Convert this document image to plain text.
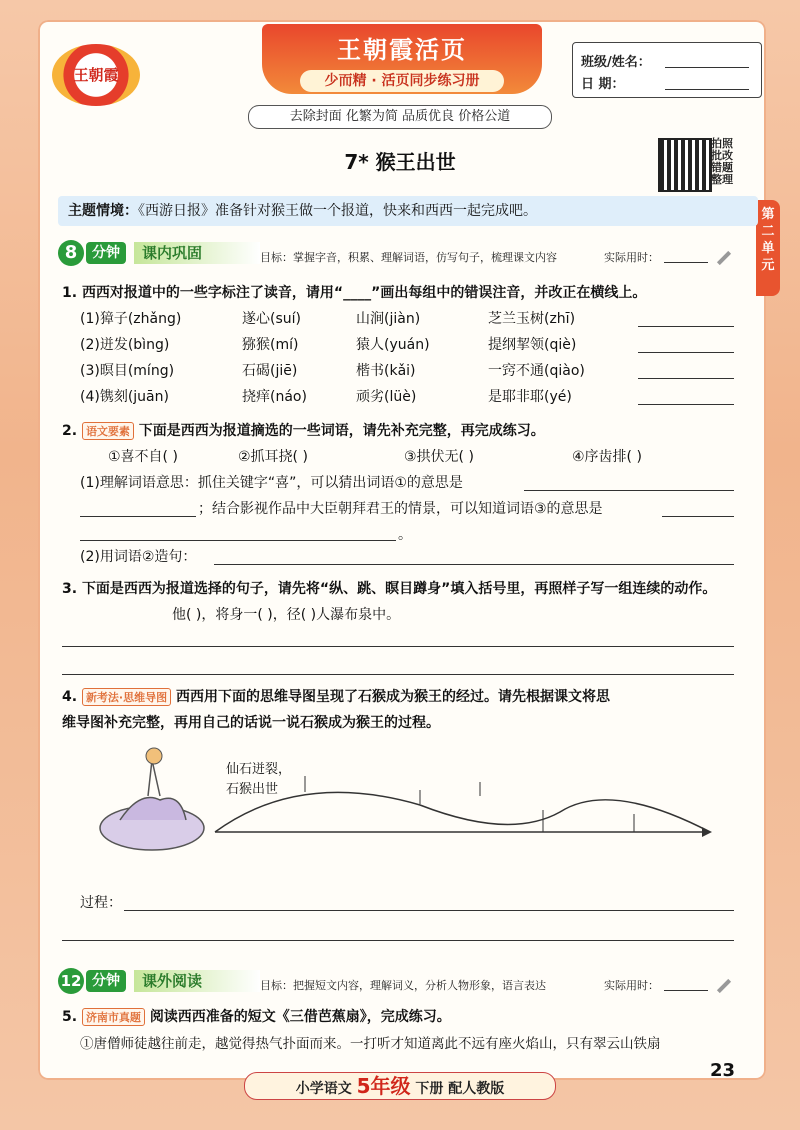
王朝霞
王朝霞活页
少而精 · 活页同步练习册
班级/姓名：
日 期：
去除封面 化繁为简 品质优良 价格公道
7* 猴王出世
拍照批改错题整理
第二单元
主题情境：《西游日报》准备针对猴王做一个报道，快来和西西一起完成吧。
8	分钟	课内巩固	目标：掌握字音，积累、理解词语，仿写句子，梳理课文内容	实际用时：
1. 西西对报道中的一些字标注了读音，请用“____”画出每组中的错误注音，并改正在横线上。
(1)獐子(zhǎng)	遂心(suí)	山涧(jiàn)	芝兰玉树(zhī)
(2)迸发(bìng)	猕猴(mí)	猿人(yuán)	提纲挈领(qiè)
(3)暝目(míng)	石碣(jiē)	楷书(kǎi)	一窍不通(qiào)
(4)镌刻(juān)	挠痒(náo)	顽劣(lüè)	是耶非耶(yé)
2. 语文要素 下面是西西为报道摘选的一些词语，请先补充完整，再完成练习。
①喜不自( )	②抓耳挠( )	③拱伏无( )	④序齿排( )
(1)理解词语意思：抓住关键字“喜”，可以猜出词语①的意思是
；结合影视作品中大臣朝拜君王的情景，可以知道词语③的意思是
。
(2)用词语②造句：
3. 下面是西西为报道选择的句子，请先将“纵、跳、瞑目蹲身”填入括号里，再照样子写一组连续的动作。
他( )，将身一( )，径( )人瀑布泉中。
4. 新考法·思维导图 西西用下面的思维导图呈现了石猴成为猴王的经过。请先根据课文将思
维导图补充完整，再用自己的话说一说石猴成为猴王的过程。
仙石迸裂，
石猴出世
过程：
12 分钟	课外阅读	目标：把握短文内容，理解词义，分析人物形象，语言表达	实际用时：
5. 济南市真题 阅读西西准备的短文《三借芭蕉扇》，完成练习。
①唐僧师徒越往前走，越觉得热气扑面而来。一打听才知道离此不远有座火焰山，只有翠云山铁扇
小学语文 5年级 下册 配人教版
23
